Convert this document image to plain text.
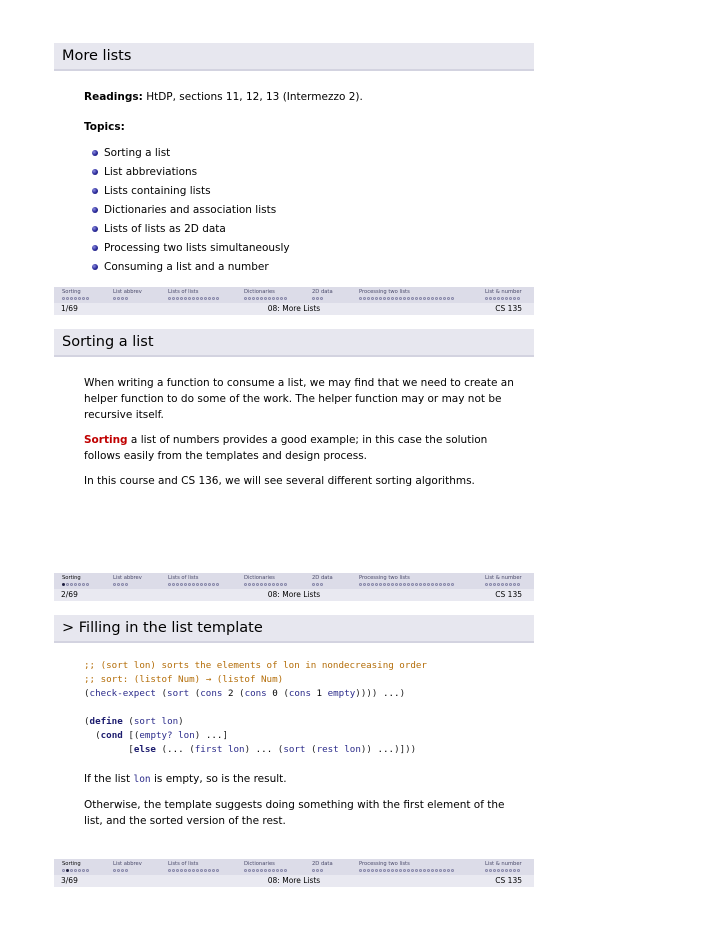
More lists

Readings: HtDP, sections 11, 12, 13 (Intermezzo 2).

Topics:

Sorting a list
List abbreviations
Lists containing lists
Dictionaries and association lists
Lists of lists as 2D data
Processing two lists simultaneously
Consuming a list and a number
Sorting	List abbrev	Lists of lists	Dictionaries	2D data	Processing two lists	List & number
1/69	08: More Lists	CS 135
Sorting a list

When writing a function to consume a list, we may find that we need to create an helper function to do some of the work. The helper function may or may not be recursive itself.

Sorting a list of numbers provides a good example; in this case the solution follows easily from the templates and design process.

In this course and CS 136, we will see several different sorting algorithms.

Sorting	List abbrev	Lists of lists	Dictionaries	2D data	Processing two lists	List & number
2/69	08: More Lists	CS 135
> Filling in the list template
;; (sort lon) sorts the elements of lon in nondecreasing order
;; sort: (listof Num) → (listof Num)
(check-expect (sort (cons 2 (cons 0 (cons 1 empty)))) ...)

(define (sort lon)
(cond [(empty? lon) ...]
[else (... (first lon) ... (sort (rest lon)) ...)]))

If the list lon is empty, so is the result.

Otherwise, the template suggests doing something with the first element of the list, and the sorted version of the rest.

Sorting	List abbrev	Lists of lists	Dictionaries	2D data	Processing two lists	List & number
3/69	08: More Lists	CS 135
